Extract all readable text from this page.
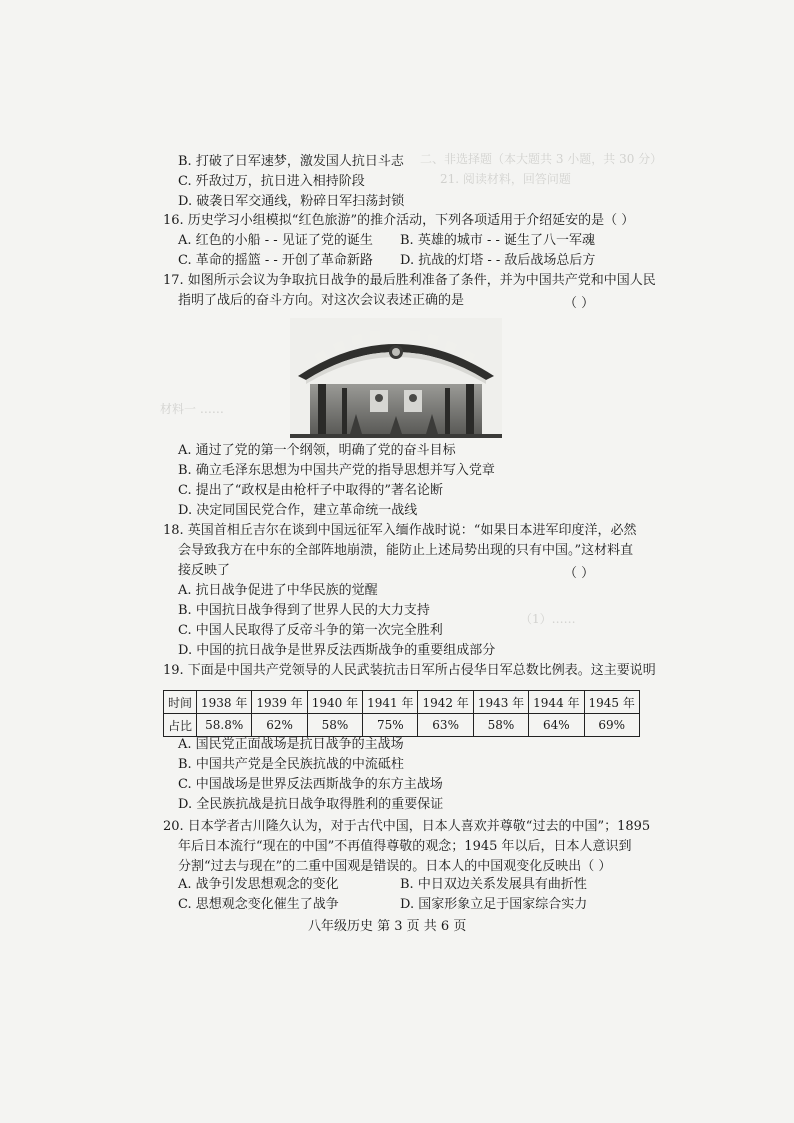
二、非选择题（本大题共 3 小题，共 30 分）
21. 阅读材料，回答问题
材料一 ……
（1）……
B. 打破了日军速梦，激发国人抗日斗志
C. 歼敌过万，抗日进入相持阶段
D. 破袭日军交通线，粉碎日军扫荡封锁
16. 历史学习小组模拟“红色旅游”的推介活动，下列各项适用于介绍延安的是（ ）
A. 红色的小船 - - 见证了党的诞生 B. 英雄的城市 - - 诞生了八一军魂
C. 革命的摇篮 - - 开创了革命新路 D. 抗战的灯塔 - - 敌后战场总后方
17. 如图所示会议为争取抗日战争的最后胜利准备了条件，并为中国共产党和中国人民
指明了战后的奋斗方向。对这次会议表述正确的是	（ ）
A. 通过了党的第一个纲领，明确了党的奋斗目标
B. 确立毛泽东思想为中国共产党的指导思想并写入党章
C. 提出了“政权是由枪杆子中取得的”著名论断
D. 决定同国民党合作，建立革命统一战线
18. 英国首相丘吉尔在谈到中国远征军入缅作战时说：“如果日本进军印度洋，必然
会导致我方在中东的全部阵地崩溃，能防止上述局势出现的只有中国。”这材料直
接反映了	（ ）
A. 抗日战争促进了中华民族的觉醒
B. 中国抗日战争得到了世界人民的大力支持
C. 中国人民取得了反帝斗争的第一次完全胜利
D. 中国的抗日战争是世界反法西斯战争的重要组成部分
19. 下面是中国共产党领导的人民武装抗击日军所占侵华日军总数比例表。这主要说明
时间	1938 年	1939 年	1940 年	1941 年	1942 年	1943 年	1944 年	1945 年
占比	58.8%	62%	58%	75%	63%	58%	64%	69%
A. 国民党正面战场是抗日战争的主战场
B. 中国共产党是全民族抗战的中流砥柱
C. 中国战场是世界反法西斯战争的东方主战场
D. 全民族抗战是抗日战争取得胜利的重要保证
20. 日本学者古川隆久认为，对于古代中国，日本人喜欢并尊敬“过去的中国”；1895
年后日本流行“现在的中国”不再值得尊敬的观念；1945 年以后，日本人意识到
分割“过去与现在”的二重中国观是错误的。日本人的中国观变化反映出（ ）
A. 战争引发思想观念的变化	B. 中日双边关系发展具有曲折性
C. 思想观念变化催生了战争	D. 国家形象立足于国家综合实力
八年级历史 第 3 页 共 6 页
